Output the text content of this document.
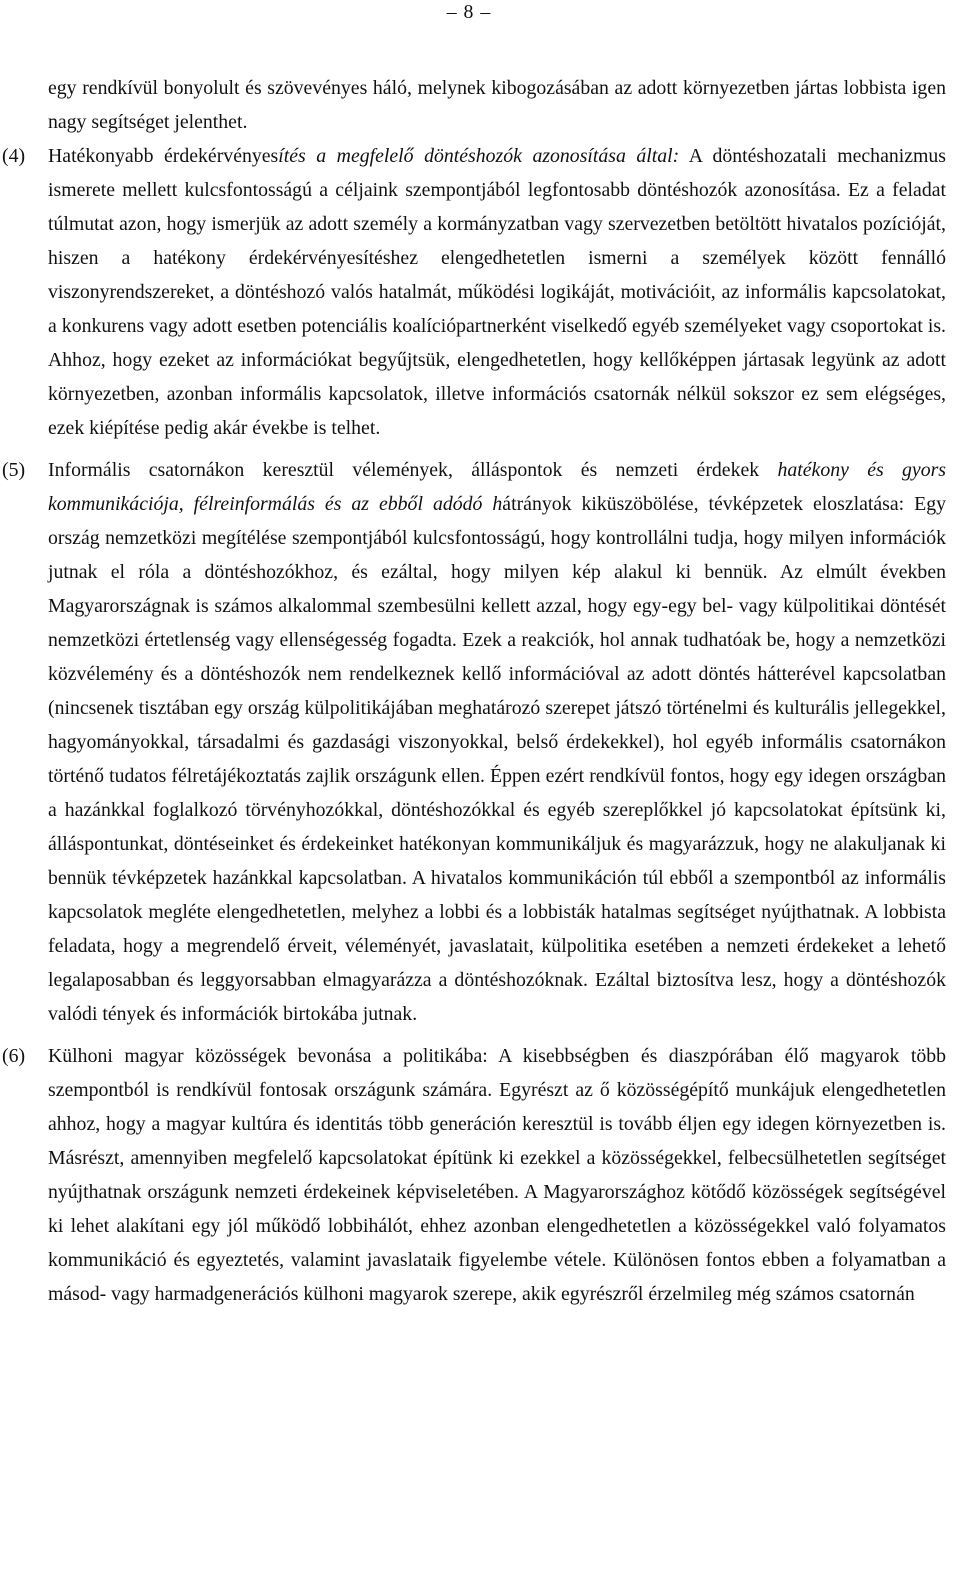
– 8 –

egy rendkívül bonyolult és szövevényes háló, melynek kibogozásában az adott környezetben jártas lobbista igen nagy segítséget jelenthet.

(4) Hatékonyabb érdekérvényesítés a megfelelő döntéshozók azonosítása által: A döntéshozatali mechanizmus ismerete mellett kulcsfontosságú a céljaink szempontjából legfontosabb döntéshozók azonosítása. Ez a feladat túlmutat azon, hogy ismerjük az adott személy a kormányzatban vagy szervezetben betöltött hivatalos pozícióját, hiszen a hatékony érdekérvényesítéshez elengedhetetlen ismerni a személyek között fennálló viszonyrendszereket, a döntéshozó valós hatalmát, működési logikáját, motivációit, az informális kapcsolatokat, a konkurens vagy adott esetben potenciális koalíciópartnerként viselkedő egyéb személyeket vagy csoportokat is. Ahhoz, hogy ezeket az információkat begyűjtsük, elengedhetetlen, hogy kellőképpen jártasak legyünk az adott környezetben, azonban informális kapcsolatok, illetve információs csatornák nélkül sokszor ez sem elégséges, ezek kiépítése pedig akár évekbe is telhet.

(5) Informális csatornákon keresztül vélemények, álláspontok és nemzeti érdekek hatékony és gyors kommunikációja, félreinformálás és az ebből adódó hátrányok kiküszöbölése, tévképzetek eloszlatása: Egy ország nemzetközi megítélése szempontjából kulcsfontosságú, hogy kontrollálni tudja, hogy milyen információk jutnak el róla a döntéshozókhoz, és ezáltal, hogy milyen kép alakul ki bennük. Az elmúlt években Magyarországnak is számos alkalommal szembesülni kellett azzal, hogy egy-egy bel- vagy külpolitikai döntését nemzetközi értetlenség vagy ellenségesség fogadta. Ezek a reakciók, hol annak tudhatóak be, hogy a nemzetközi közvélemény és a döntéshozók nem rendelkeznek kellő információval az adott döntés hátterével kapcsolatban (nincsenek tisztában egy ország külpolitikájában meghatározó szerepet játszó történelmi és kulturális jellegekkel, hagyományokkal, társadalmi és gazdasági viszonyokkal, belső érdekekkel), hol egyéb informális csatornákon történő tudatos félretájékoztatás zajlik országunk ellen. Éppen ezért rendkívül fontos, hogy egy idegen országban a hazánkkal foglalkozó törvényhozókkal, döntéshozókkal és egyéb szereplőkkel jó kapcsolatokat építsünk ki, álláspontunkat, döntéseinket és érdekeinket hatékonyan kommunikáljuk és magyarázzuk, hogy ne alakuljanak ki bennük tévképzetek hazánkkal kapcsolatban. A hivatalos kommunikáción túl ebből a szempontból az informális kapcsolatok megléte elengedhetetlen, melyhez a lobbi és a lobbisták hatalmas segítséget nyújthatnak. A lobbista feladata, hogy a megrendelő érveit, véleményét, javaslatait, külpolitika esetében a nemzeti érdekeket a lehető legalaposabban és leggyorsabban elmagyarázza a döntéshozóknak. Ezáltal biztosítva lesz, hogy a döntéshozók valódi tények és információk birtokába jutnak.

(6) Külhoni magyar közösségek bevonása a politikába: A kisebbségben és diaszpórában élő magyarok több szempontból is rendkívül fontosak országunk számára. Egyrészt az ő közösségépítő munkájuk elengedhetetlen ahhoz, hogy a magyar kultúra és identitás több generáción keresztül is tovább éljen egy idegen környezetben is. Másrészt, amennyiben megfelelő kapcsolatokat építünk ki ezekkel a közösségekkel, felbecsülhetetlen segítséget nyújthatnak országunk nemzeti érdekeinek képviseletében. A Magyarországhoz kötődő közösségek segítségével ki lehet alakítani egy jól működő lobbihálót, ehhez azonban elengedhetetlen a közösségekkel való folyamatos kommunikáció és egyeztetés, valamint javaslataik figyelembe vétele. Különösen fontos ebben a folyamatban a másod- vagy harmadgenerációs külhoni magyarok szerepe, akik egyrészről érzelmileg még számos csatornán
